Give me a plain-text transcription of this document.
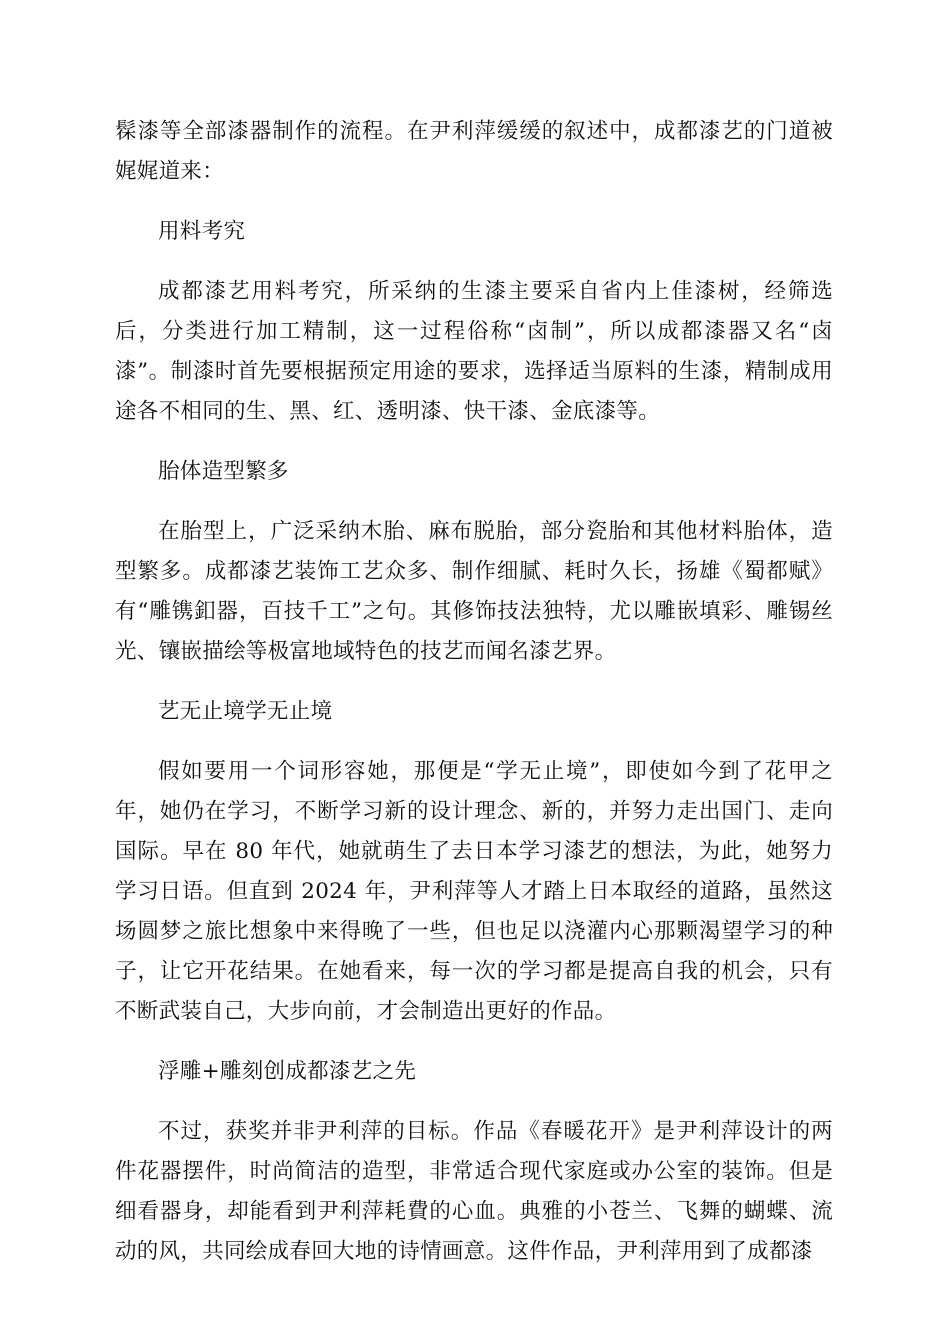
髹漆等全部漆器制作的流程。在尹利萍缓缓的叙述中，成都漆艺的门道被娓娓道来：

用料考究

成都漆艺用料考究，所采纳的生漆主要采自省内上佳漆树，经筛选后，分类进行加工精制，这一过程俗称“卤制”，所以成都漆器又名“卤漆”。制漆时首先要根据预定用途的要求，选择适当原料的生漆，精制成用途各不相同的生、黑、红、透明漆、快干漆、金底漆等。

胎体造型繁多

在胎型上，广泛采纳木胎、麻布脱胎，部分瓷胎和其他材料胎体，造型繁多。成都漆艺装饰工艺众多、制作细腻、耗时久长，扬雄《蜀都赋》有“雕镌釦器，百技千工”之句。其修饰技法独特，尤以雕嵌填彩、雕锡丝光、镶嵌描绘等极富地域特色的技艺而闻名漆艺界。

艺无止境学无止境

假如要用一个词形容她，那便是“学无止境”，即使如今到了花甲之年，她仍在学习，不断学习新的设计理念、新的，并努力走出国门、走向国际。早在 80 年代，她就萌生了去日本学习漆艺的想法，为此，她努力学习日语。但直到 2024 年，尹利萍等人才踏上日本取经的道路，虽然这场圆梦之旅比想象中来得晚了一些，但也足以浇灌内心那颗渴望学习的种子，让它开花结果。在她看来，每一次的学习都是提高自我的机会，只有不断武装自己，大步向前，才会制造出更好的作品。

浮雕+雕刻创成都漆艺之先

不过，获奖并非尹利萍的目标。作品《春暖花开》是尹利萍设计的两件花器摆件，时尚简洁的造型，非常适合现代家庭或办公室的装饰。但是细看器身，却能看到尹利萍耗費的心血。典雅的小苍兰、飞舞的蝴蝶、流动的风，共同绘成春回大地的诗情画意。这件作品，尹利萍用到了成都漆
